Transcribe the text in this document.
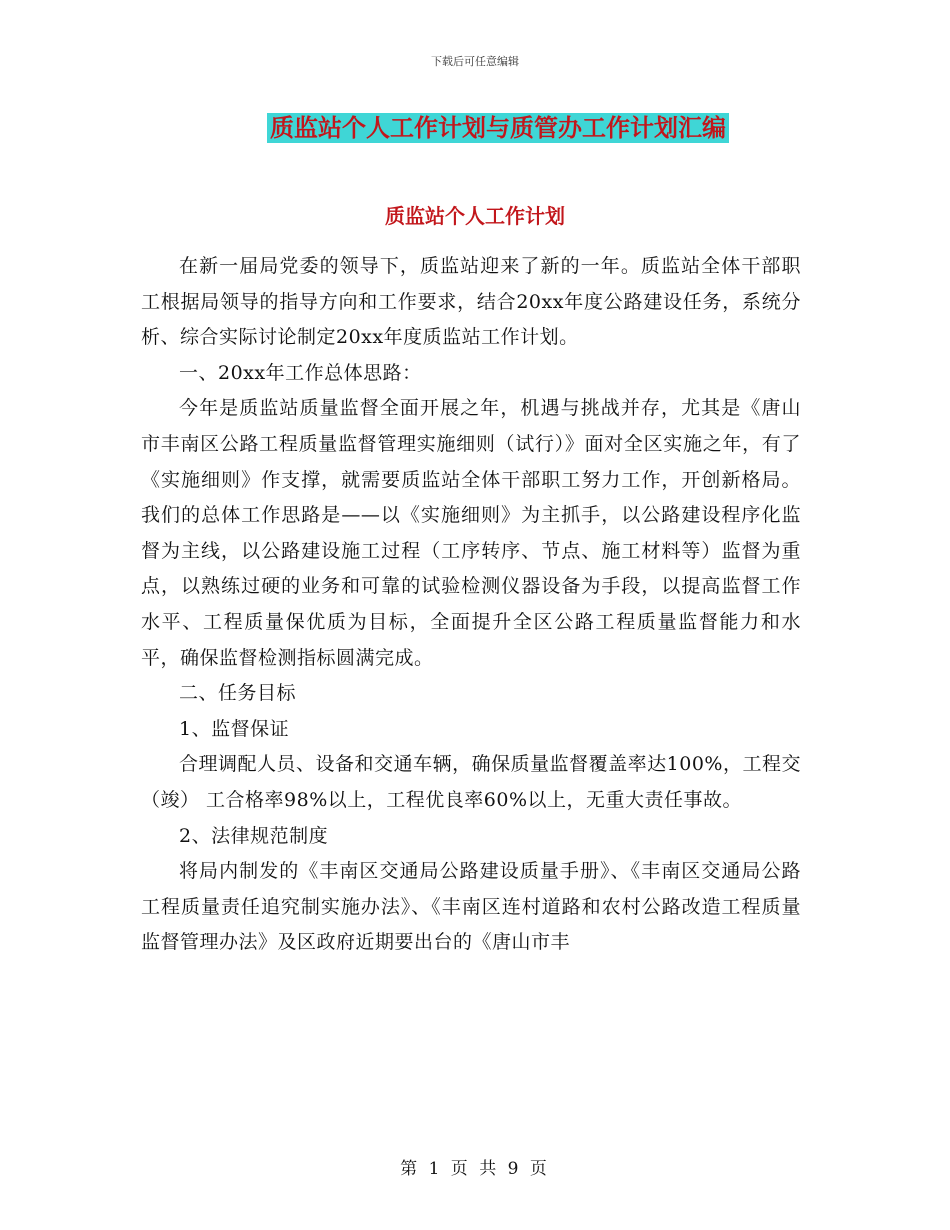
下载后可任意编辑
质监站个人工作计划与质管办工作计划汇编
质监站个人工作计划

在新一届局党委的领导下，质监站迎来了新的一年。质监站全体干部职工根据局领导的指导方向和工作要求，结合20xx年度公路建设任务，系统分析、综合实际讨论制定20xx年度质监站工作计划。

一、20xx年工作总体思路：

今年是质监站质量监督全面开展之年，机遇与挑战并存，尤其是《唐山市丰南区公路工程质量监督管理实施细则（试行）》面对全区实施之年，有了《实施细则》作支撑，就需要质监站全体干部职工努力工作，开创新格局。我们的总体工作思路是——以《实施细则》为主抓手，以公路建设程序化监督为主线，以公路建设施工过程（工序转序、节点、施工材料等）监督为重点，以熟练过硬的业务和可靠的试验检测仪器设备为手段，以提高监督工作水平、工程质量保优质为目标，全面提升全区公路工程质量监督能力和水平，确保监督检测指标圆满完成。

二、任务目标

1、监督保证

合理调配人员、设备和交通车辆，确保质量监督覆盖率达100%，工程交（竣） 工合格率98%以上，工程优良率60%以上，无重大责任事故。

2、法律规范制度

将局内制发的《丰南区交通局公路建设质量手册》、《丰南区交通局公路工程质量责任追究制实施办法》、《丰南区连村道路和农村公路改造工程质量监督管理办法》及区政府近期要出台的《唐山市丰

第 1 页 共 9 页
